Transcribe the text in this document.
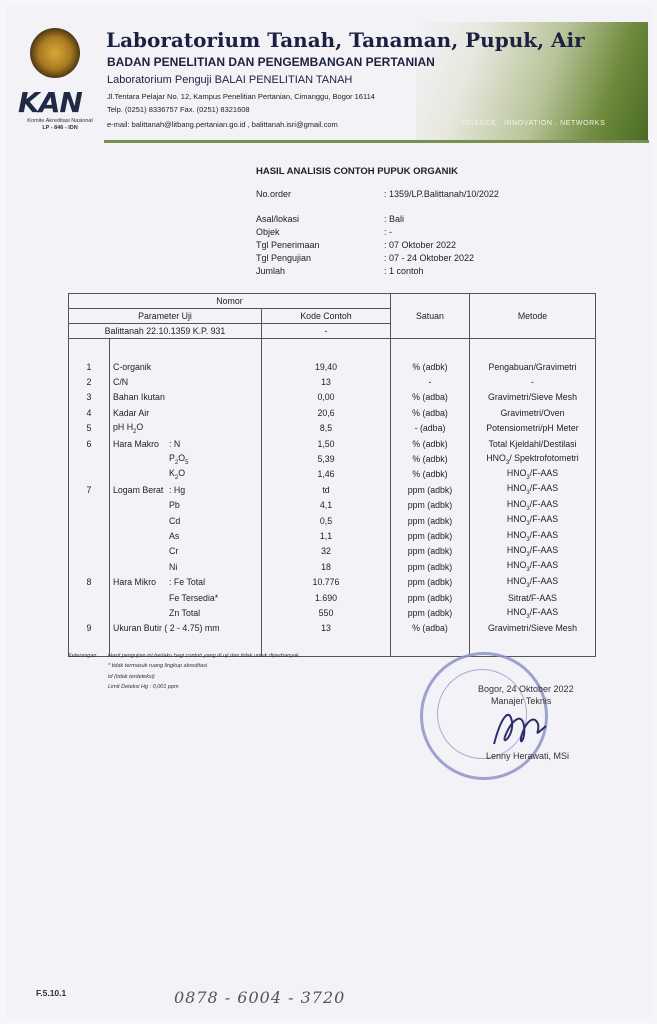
KAN
Komite Akreditasi Nasional
LP - 846 - IDN
Laboratorium Tanah, Tanaman, Pupuk, Air
BADAN PENELITIAN DAN PENGEMBANGAN PERTANIAN
Laboratorium Penguji BALAI PENELITIAN TANAH
Jl.Tentara Pelajar No. 12, Kampus Penelitian Pertanian, Cimanggu, Bogor 16114
Telp. (0251) 8336757 Fax. (0251) 8321608
e-mail: balittanah@litbang.pertanian.go.id , balittanah.isri@gmail.com	SCIENCE . INNOVATION . NETWORKS
HASIL ANALISIS CONTOH PUPUK ORGANIK
No.order	: 1359/LP.Balittanah/10/2022
Asal/lokasi	: Bali
Objek	: -
Tgl Penerimaan	: 07 Oktober 2022
Tgl Pengujian	: 07 - 24 Oktober 2022
Jumlah	: 1 contoh
Nomor			Satuan	Metode
Parameter Uji		Kode Contoh		
Balittanah 22.10.1359 K.P. 931		-		

1	C-organik	19,40	% (adbk)	Pengabuan/Gravimetri
2	C/N	13	-	-
3	Bahan Ikutan	0,00	% (adba)	Gravimetri/Sieve Mesh
4	Kadar Air	20,6	% (adba)	Gravimetri/Oven
5	pH $H_2O$	8,5	- (adba)	Potensiometri/pH Meter
6	Hara Makro : N	1,50	% (adbk)	Total Kjeldahl/Destilasi
	$P_2O_5$	5,39	% (adbk)	$HNO_3/$ Spektrofotometri
	$K_2O$	1,46	% (adbk)	$HNO_3/F$-AAS
7	Logam Berat : Hg	td	ppm (adbk)	$HNO_3/F$-AAS
	Pb	4,1	ppm (adbk)	$HNO_3/F$-AAS
	Cd	0,5	ppm (adbk)	$HNO_3/F$-AAS
	As	1,1	ppm (adbk)	$HNO_3/F$-AAS
	Cr	32	ppm (adbk)	$HNO_3/F$-AAS
	Ni	18	ppm (adbk)	$HNO_3/F$-AAS
8	Hara Mikro : Fe Total	10.776	ppm (adbk)	$HNO_3/F$-AAS
	Fe Tersedia*	1.690	ppm (adbk)	Sitrat/F-AAS
	Zn Total	550	ppm (adbk)	$HNO_3/F$-AAS
9	Ukuran Butir ( 2 - 4.75) mm	13	% (adba)	Gravimetri/Sieve Mesh

Keterangan Hasil pengujian ini berlaku bagi contoh yang di uji dan tidak untuk diperbanyak
* tidak termasuk ruang lingkup akreditasi
td (tidak terdeteksi)
Limit Deteksi Hg : 0,001 ppm	Bogor, 24 Oktober 2022
Manajer Teknis
Lenny Herawati, MSi
F.5.10.1	0878 - 6004 - 3720
